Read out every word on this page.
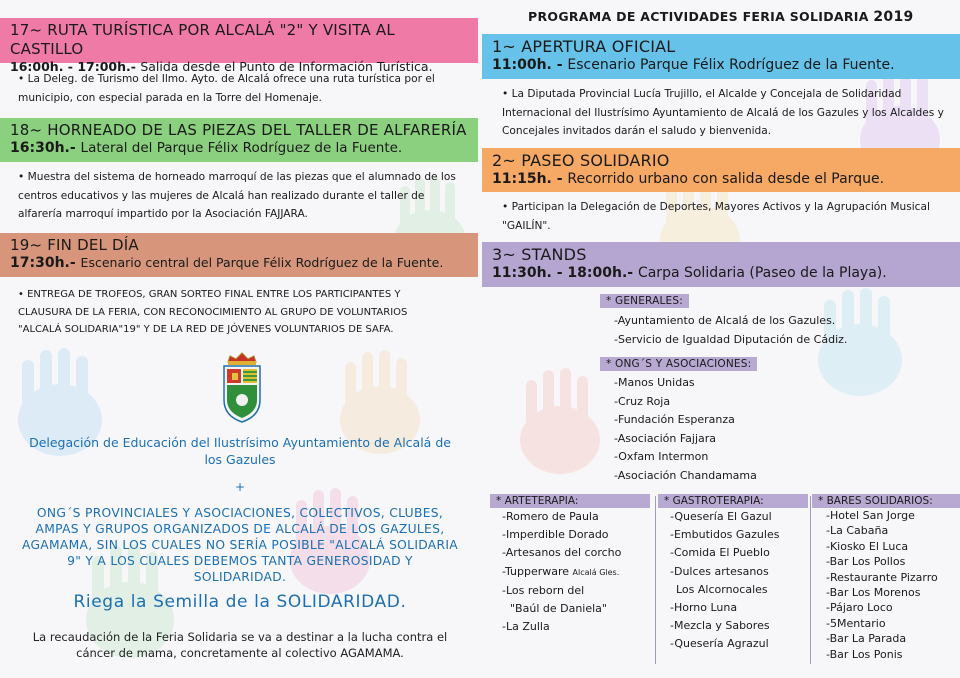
17~ RUTA TURÍSTICA POR ALCALÁ "2" Y VISITA AL CASTILLO
16:00h. - 17:00h.- Salida desde el Punto de Información Turística.
• La Deleg. de Turismo del Ilmo. Ayto. de Alcalá ofrece una ruta turística por el municipio, con especial parada en la Torre del Homenaje.
18~ HORNEADO DE LAS PIEZAS DEL TALLER DE ALFARERÍA
16:30h.- Lateral del Parque Félix Rodríguez de la Fuente.
• Muestra del sistema de horneado marroquí de las piezas que el alumnado de los centros educativos y las mujeres de Alcalá han realizado durante el taller de alfarería marroquí impartido por la Asociación FAJJARA.
19~ FIN DEL DÍA
17:30h.- Escenario central del Parque Félix Rodríguez de la Fuente.
• ENTREGA DE TROFEOS, GRAN SORTEO FINAL ENTRE LOS PARTICIPANTES Y CLAUSURA DE LA FERIA, CON RECONOCIMIENTO AL GRUPO DE VOLUNTARIOS "ALCALÁ SOLIDARIA"19" Y DE LA RED DE JÓVENES VOLUNTARIOS DE SAFA.
Delegación de Educación del Ilustrísimo Ayuntamiento de Alcalá de los Gazules
+
ONG´S PROVINCIALES Y ASOCIACIONES, COLECTIVOS, CLUBES, AMPAS Y GRUPOS ORGANIZADOS DE ALCALÁ DE LOS GAZULES, AGAMAMA, SIN LOS CUALES NO SERÍA POSIBLE "ALCALÁ SOLIDARIA 9" Y A LOS CUALES DEBEMOS TANTA GENEROSIDAD Y SOLIDARIDAD.
Riega la Semilla de la SOLIDARIDAD.
La recaudación de la Feria Solidaria se va a destinar a la lucha contra el cáncer de mama, concretamente al colectivo AGAMAMA.
PROGRAMA DE ACTIVIDADES FERIA SOLIDARIA 2019
1~ APERTURA OFICIAL
11:00h. - Escenario Parque Félix Rodríguez de la Fuente.
• La Diputada Provincial Lucía Trujillo, el Alcalde y Concejala de Solidaridad Internacional del Ilustrísimo Ayuntamiento de Alcalá de los Gazules y los Alcaldes y Concejales invitados darán el saludo y bienvenida.
2~ PASEO SOLIDARIO
11:15h. - Recorrido urbano con salida desde el Parque.
• Participan la Delegación de Deportes, Mayores Activos y la Agrupación Musical "GAILÍN".
3~ STANDS
11:30h. - 18:00h.- Carpa Solidaria (Paseo de la Playa).
* GENERALES:
-Ayuntamiento de Alcalá de los Gazules.
-Servicio de Igualdad Diputación de Cádiz.
* ONG´S Y ASOCIACIONES:
-Manos Unidas
-Cruz Roja
-Fundación Esperanza
-Asociación Fajjara
-Oxfam Intermon
-Asociación Chandamama
* ARTETERAPIA:
-Romero de Paula
-Imperdible Dorado
-Artesanos del corcho
-Tupperware Alcalá Gles.
-Los reborn del
"Baúl de Daniela"
-La Zulla
* GASTROTERAPIA:
-Quesería El Gazul
-Embutidos Gazules
-Comida El Pueblo
-Dulces artesanos
Los Alcornocales
-Horno Luna
-Mezcla y Sabores
-Quesería Agrazul
* BARES SOLIDARIOS:
-Hotel San Jorge
-La Cabaña
-Kiosko El Luca
-Bar Los Pollos
-Restaurante Pizarro
-Bar Los Morenos
-Pájaro Loco
-5Mentario
-Bar La Parada
-Bar Los Ponis
